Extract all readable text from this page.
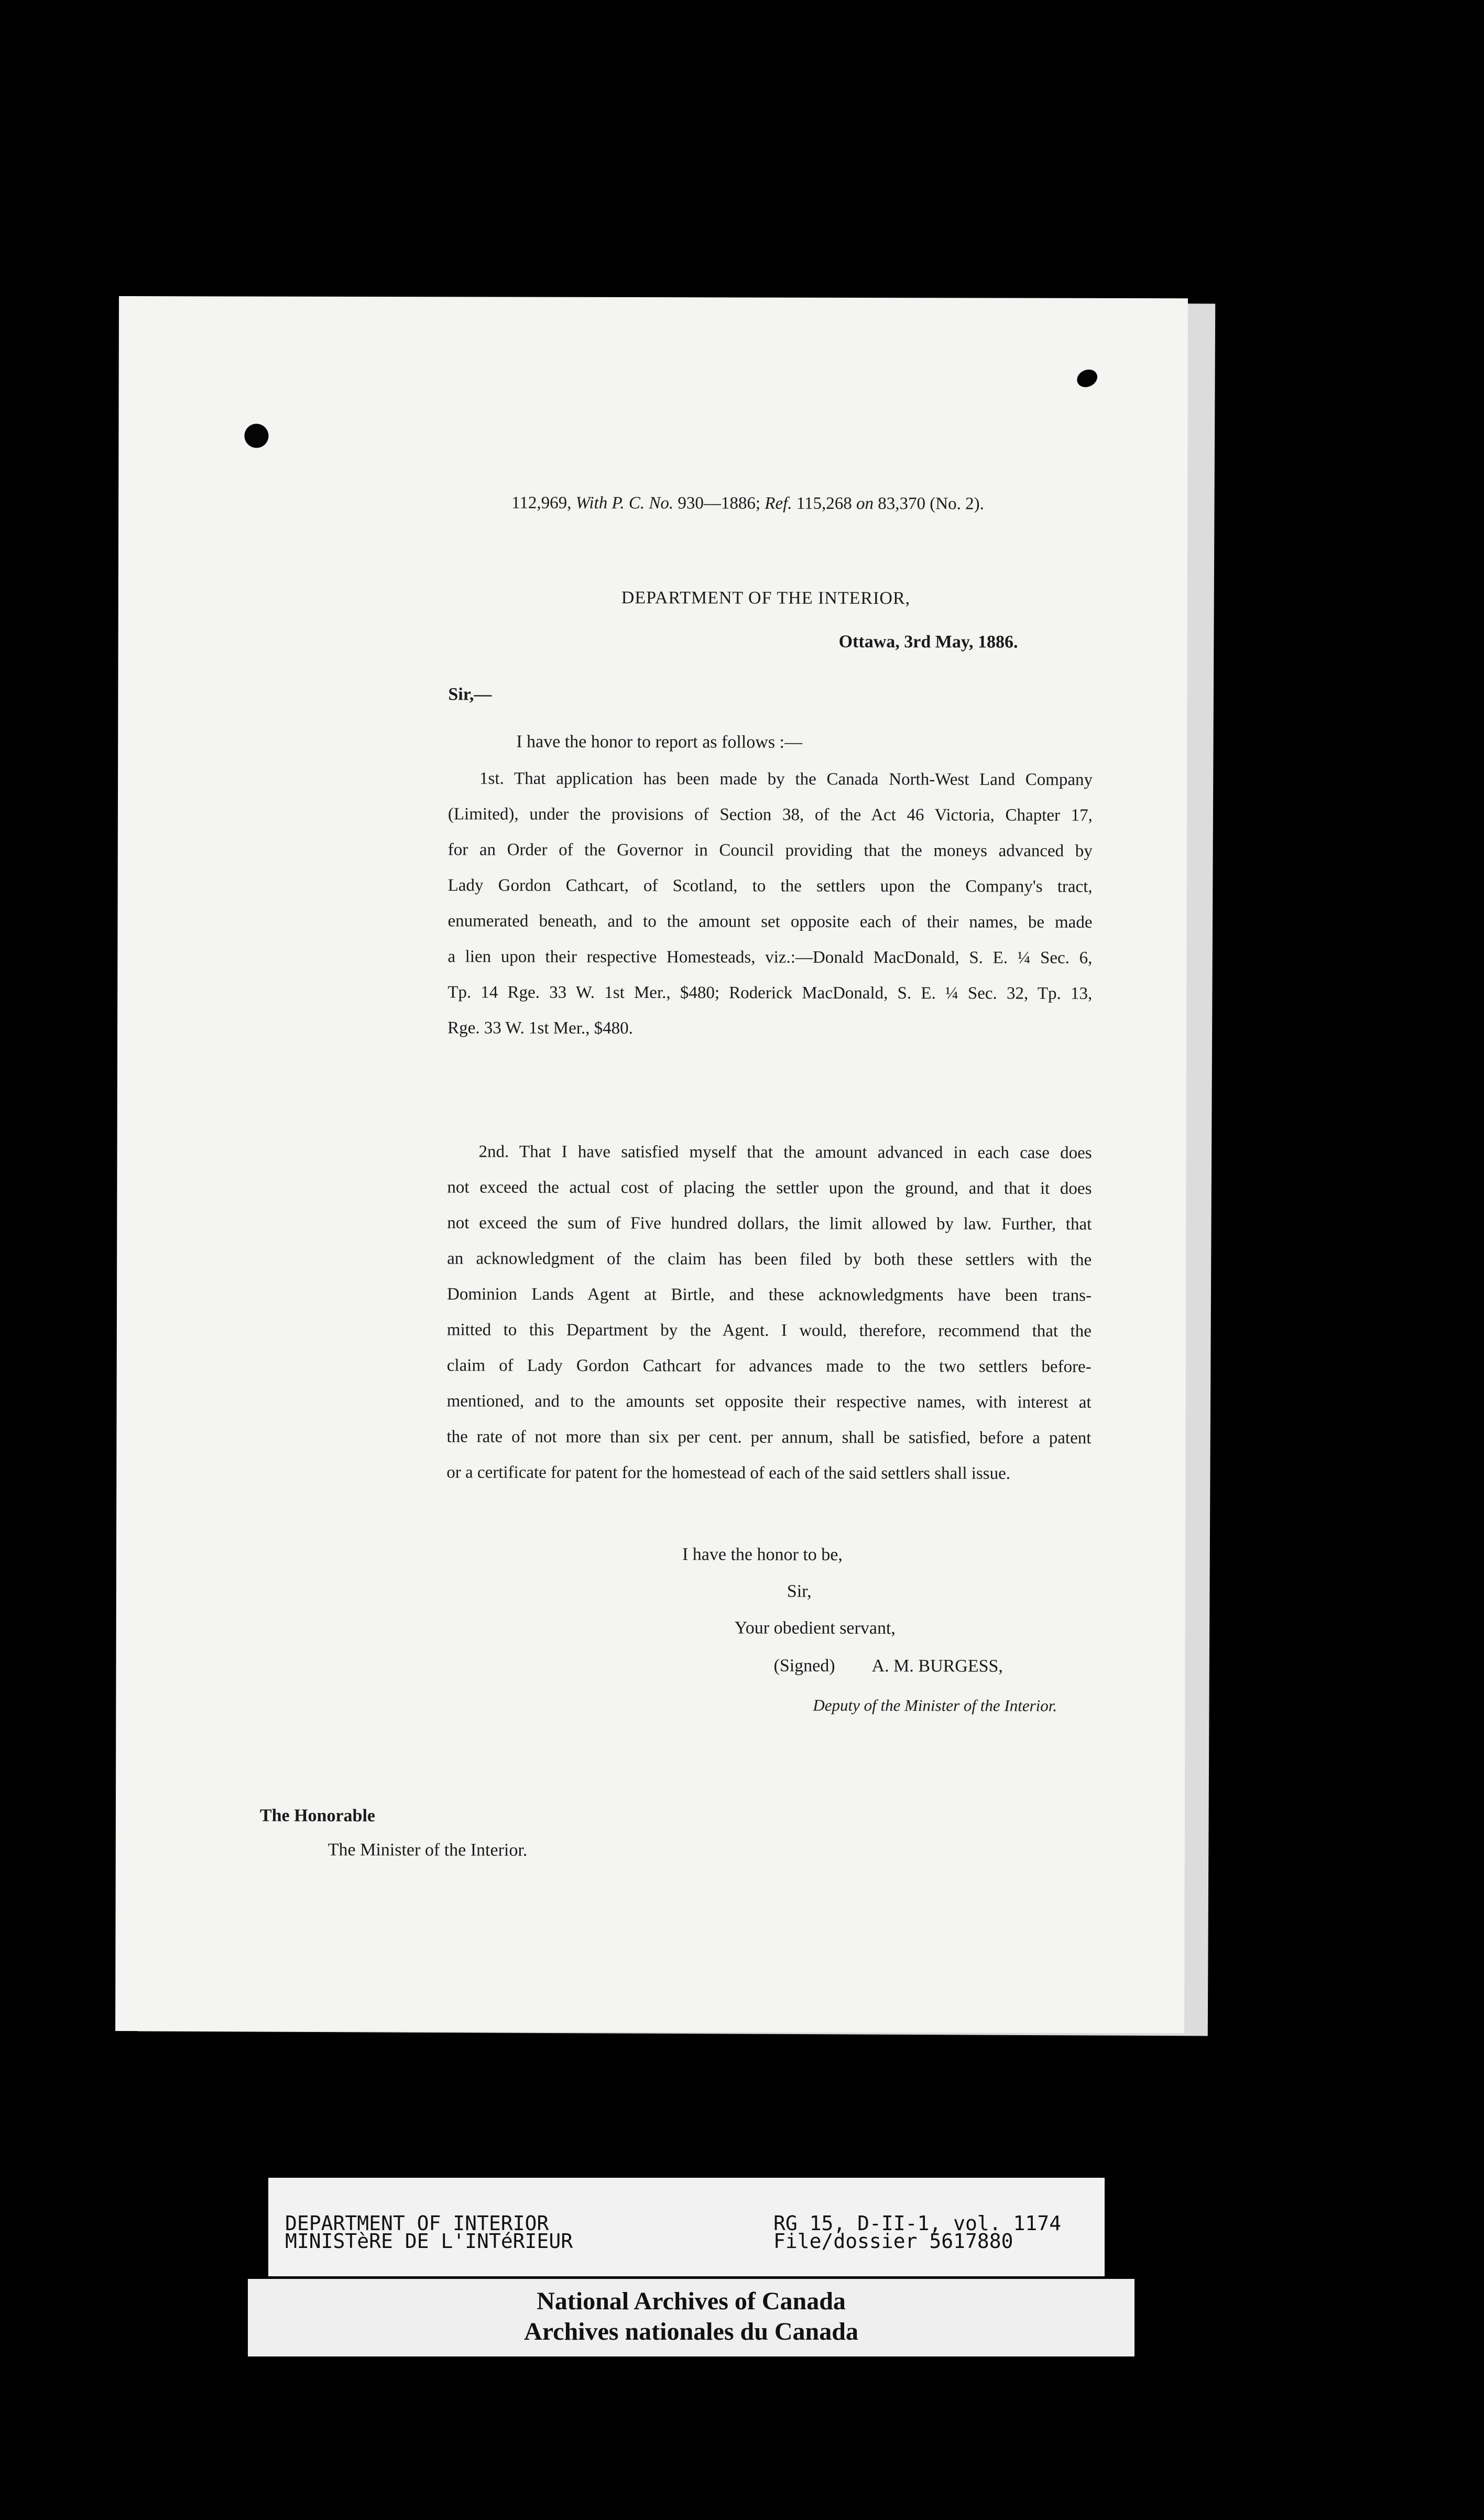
112,969, With P. C. No. 930—1886; Ref. 115,268 on 83,370 (No. 2).
DEPARTMENT OF THE INTERIOR,
Ottawa, 3rd May, 1886.
Sir,—
I have the honor to report as follows :—
1st. That application has been made by the Canada North-West Land Company
(Limited), under the provisions of Section 38, of the Act 46 Victoria, Chapter 17,
for an Order of the Governor in Council providing that the moneys advanced by
Lady Gordon Cathcart, of Scotland, to the settlers upon the Company's tract,
enumerated beneath, and to the amount set opposite each of their names, be made
a lien upon their respective Homesteads, viz.:—Donald MacDonald, S. E. ¼ Sec. 6,
Tp. 14 Rge. 33 W. 1st Mer., $480; Roderick MacDonald, S. E. ¼ Sec. 32, Tp. 13,
Rge. 33 W. 1st Mer., $480.
2nd. That I have satisfied myself that the amount advanced in each case does
not exceed the actual cost of placing the settler upon the ground, and that it does
not exceed the sum of Five hundred dollars, the limit allowed by law. Further, that
an acknowledgment of the claim has been filed by both these settlers with the
Dominion Lands Agent at Birtle, and these acknowledgments have been trans-
mitted to this Department by the Agent. I would, therefore, recommend that the
claim of Lady Gordon Cathcart for advances made to the two settlers before-
mentioned, and to the amounts set opposite their respective names, with interest at
the rate of not more than six per cent. per annum, shall be satisfied, before a patent
or a certificate for patent for the homestead of each of the said settlers shall issue.
I have the honor to be,
Sir,
Your obedient servant,
(Signed) A. M. BURGESS,
Deputy of the Minister of the Interior.
The Honorable
The Minister of the Interior.
DEPARTMENT OF INTERIOR
MINISTèRE DE L'INTéRIEUR
RG 15, D-II-1, vol. 1174
File/dossier 5617880
National Archives of Canada
Archives nationales du Canada
